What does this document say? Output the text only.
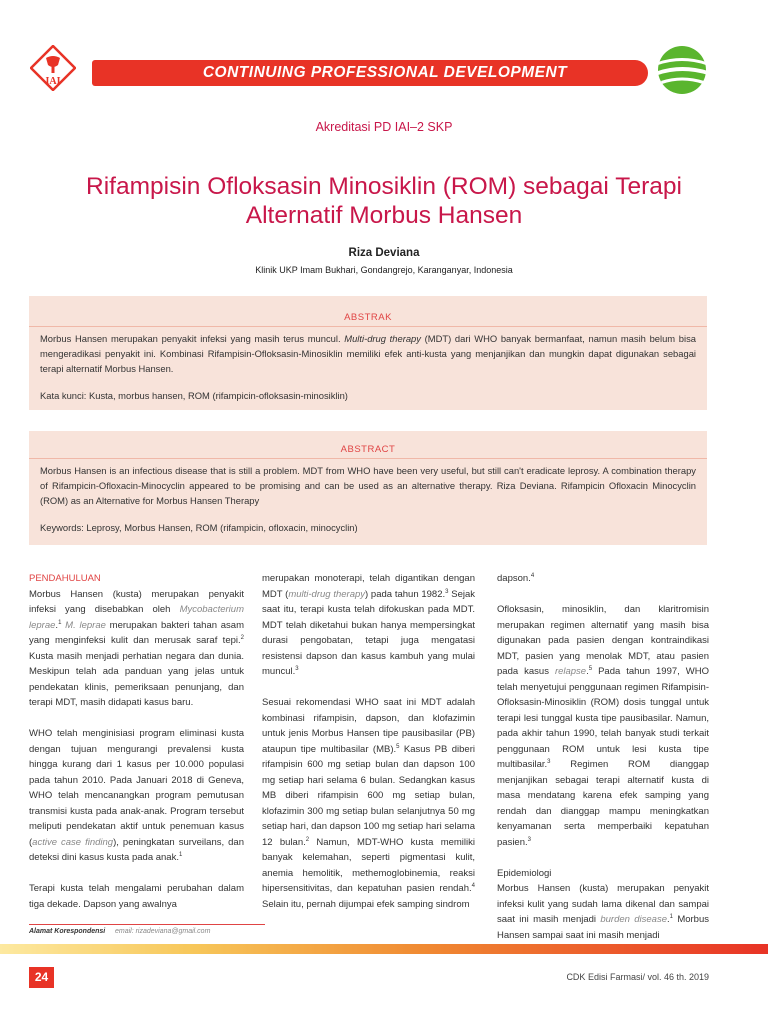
IAI
CONTINUING PROFESSIONAL DEVELOPMENT
Akreditasi PD IAI–2 SKP
Rifampisin Ofloksasin Minosiklin (ROM) sebagai Terapi Alternatif Morbus Hansen
Riza Deviana
Klinik UKP Imam Bukhari, Gondangrejo, Karanganyar, Indonesia
ABSTRAK
Morbus Hansen merupakan penyakit infeksi yang masih terus muncul. Multi-drug therapy (MDT) dari WHO banyak bermanfaat, namun masih belum bisa mengeradikasi penyakit ini. Kombinasi Rifampisin-Ofloksasin-Minosiklin memiliki efek anti-kusta yang menjanjikan dan mungkin dapat digunakan sebagai terapi alternatif Morbus Hansen.
Kata kunci: Kusta, morbus hansen, ROM (rifampicin-ofloksasin-minosiklin)
ABSTRACT
Morbus Hansen is an infectious disease that is still a problem. MDT from WHO have been very useful, but still can't eradicate leprosy. A combination therapy of Rifampicin-Ofloxacin-Minocyclin appeared to be promising and can be used as an alternative therapy. Riza Deviana. Rifampicin Ofloxacin Minocyclin (ROM) as an Alternative for Morbus Hansen Therapy
Keywords: Leprosy, Morbus Hansen, ROM (rifampicin, ofloxacin, minocyclin)
PENDAHULUAN

Morbus Hansen (kusta) merupakan penyakit infeksi yang disebabkan oleh Mycobacterium leprae.$^1$ M. leprae merupakan bakteri tahan asam yang menginfeksi kulit dan merusak saraf tepi.$^2$ Kusta masih menjadi perhatian negara dan dunia. Meskipun telah ada panduan yang jelas untuk pendekatan klinis, pemeriksaan penunjang, dan terapi MDT, masih didapati kasus baru.

WHO telah menginisiasi program eliminasi kusta dengan tujuan mengurangi prevalensi kusta hingga kurang dari 1 kasus per 10.000 populasi pada tahun 2010. Pada Januari 2018 di Geneva, WHO telah mencanangkan program pemutusan transmisi kusta pada anak-anak. Program tersebut meliputi pendekatan aktif untuk penemuan kasus (active case finding), peningkatan surveilans, dan deteksi dini kasus kusta pada anak.$^1$

Terapi kusta telah mengalami perubahan dalam tiga dekade. Dapson yang awalnya

merupakan monoterapi, telah digantikan dengan MDT (multi-drug therapy) pada tahun 1982.$^3$ Sejak saat itu, terapi kusta telah difokuskan pada MDT. MDT telah diketahui bukan hanya mempersingkat durasi pengobatan, tetapi juga mengatasi resistensi dapson dan kasus kambuh yang mulai muncul.$^3$

Sesuai rekomendasi WHO saat ini MDT adalah kombinasi rifampisin, dapson, dan klofazimin untuk jenis Morbus Hansen tipe pausibasilar (PB) ataupun tipe multibasilar (MB).$^5$ Kasus PB diberi rifampisin 600 mg setiap bulan dan dapson 100 mg setiap hari selama 6 bulan. Sedangkan kasus MB diberi rifampisin 600 mg setiap bulan, klofazimin 300 mg setiap bulan selanjutnya 50 mg setiap hari, dan dapson 100 mg setiap hari selama 12 bulan.$^2$ Namun, MDT-WHO kusta memiliki banyak kelemahan, seperti pigmentasi kulit, anemia hemolitik, methemoglobinemia, reaksi hipersensitivitas, dan kepatuhan pasien rendah.$^4$ Selain itu, pernah dijumpai efek samping sindrom

dapson.$^4$

Ofloksasin, minosiklin, dan klaritromisin merupakan regimen alternatif yang masih bisa digunakan pada pasien dengan kontraindikasi MDT, pasien yang menolak MDT, atau pasien pada kasus relapse.$^5$ Pada tahun 1997, WHO telah menyetujui penggunaan regimen Rifampisin-Ofloksasin-Minosiklin (ROM) dosis tunggal untuk terapi lesi tunggal kusta tipe pausibasilar. Namun, pada akhir tahun 1990, telah banyak studi terkait penggunaan ROM untuk lesi kusta tipe multibasilar.$^3$ Regimen ROM dianggap menjanjikan sebagai terapi alternatif kusta di masa mendatang karena efek samping yang rendah dan dianggap mampu meningkatkan kenyamanan serta memperbaiki kepatuhan pasien.$^3$

Epidemiologi

Morbus Hansen (kusta) merupakan penyakit infeksi kulit yang sudah lama dikenal dan sampai saat ini masih menjadi burden disease.$^1$ Morbus Hansen sampai saat ini masih menjadi

Alamat Korespondensi email: rizadeviana@gmail.com
24	CDK Edisi Farmasi/ vol. 46 th. 2019
